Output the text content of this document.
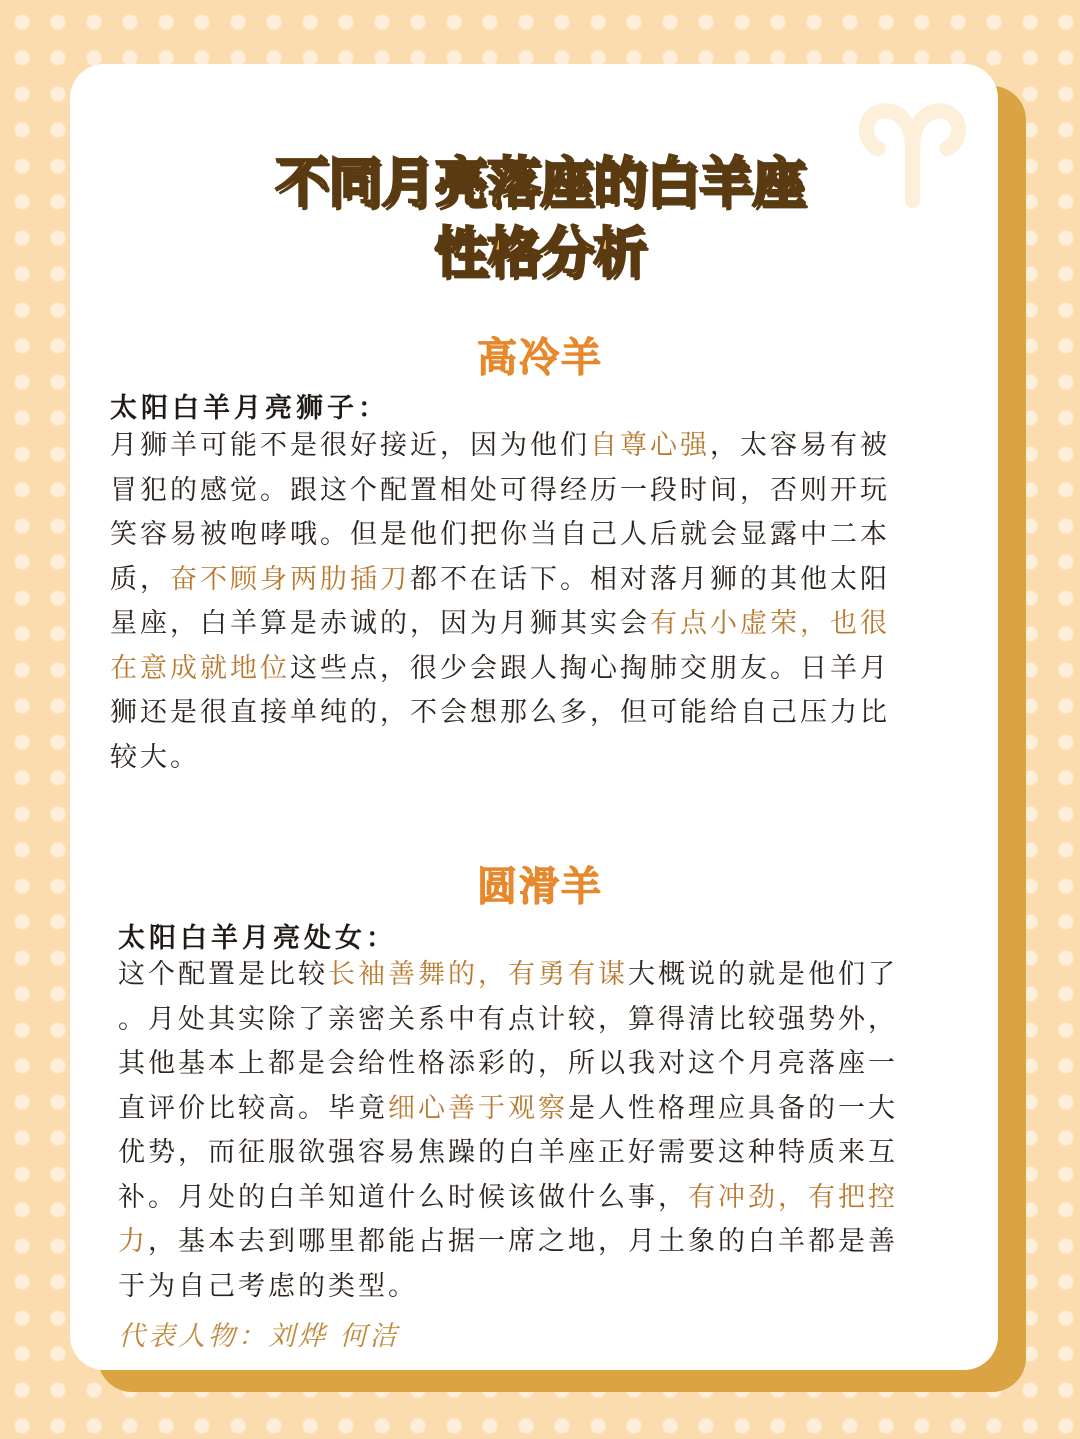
不同月亮落座的白羊座
性格分析
高冷羊
太阳白羊月亮狮子：

月狮羊可能不是很好接近，因为他们自尊心强，太容易有被
冒犯的感觉。跟这个配置相处可得经历一段时间，否则开玩
笑容易被咆哮哦。但是他们把你当自己人后就会显露中二本
质，奋不顾身两肋插刀都不在话下。相对落月狮的其他太阳
星座，白羊算是赤诚的，因为月狮其实会有点小虚荣，也很
在意成就地位这些点，很少会跟人掏心掏肺交朋友。日羊月
狮还是很直接单纯的，不会想那么多，但可能给自己压力比
较大。

圆滑羊
太阳白羊月亮处女：

这个配置是比较长袖善舞的，有勇有谋大概说的就是他们了
。月处其实除了亲密关系中有点计较，算得清比较强势外，
其他基本上都是会给性格添彩的，所以我对这个月亮落座一
直评价比较高。毕竟细心善于观察是人性格理应具备的一大
优势，而征服欲强容易焦躁的白羊座正好需要这种特质来互
补。月处的白羊知道什么时候该做什么事，有冲劲，有把控
力，基本去到哪里都能占据一席之地，月土象的白羊都是善
于为自己考虑的类型。

代表人物：刘烨 何洁
